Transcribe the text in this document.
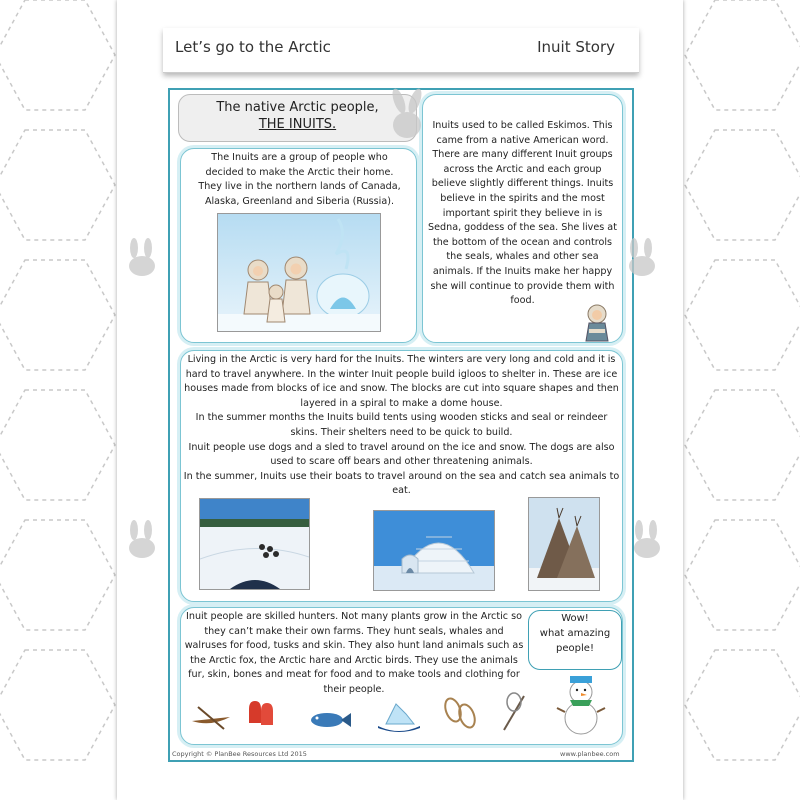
Let’s go to the Arctic	Inuit Story
The native Arctic people,
THE INUITS.
The Inuits are a group of people who decided to make the Arctic their home. They live in the northern lands of Canada, Alaska, Greenland and Siberia (Russia).
Inuits used to be called Eskimos. This came from a native American word. There are many different Inuit groups across the Arctic and each group believe slightly different things. Inuits believe in the spirits and the most important spirit they believe in is Sedna, goddess of the sea. She lives at the bottom of the ocean and controls the seals, whales and other sea animals. If the Inuits make her happy she will continue to provide them with food.
Living in the Arctic is very hard for the Inuits. The winters are very long and cold and it is hard to travel anywhere. In the winter Inuit people build igloos to shelter in. These are ice houses made from blocks of ice and snow. The blocks are cut into square shapes and then layered in a spiral to make a dome house.
In the summer months the Inuits build tents using wooden sticks and seal or reindeer skins. Their shelters need to be quick to build.
Inuit people use dogs and a sled to travel around on the ice and snow. The dogs are also used to scare off bears and other threatening animals.
In the summer, Inuits use their boats to travel around on the sea and catch sea animals to eat.
Inuit people are skilled hunters. Not many plants grow in the Arctic so they can’t make their own farms. They hunt seals, whales and walruses for food, tusks and skin. They also hunt land animals such as the Arctic fox, the Arctic hare and Arctic birds. They use the animals fur, skin, bones and meat for food and to make tools and clothing for their people.
Wow!
what amazing
people!
Copyright © PlanBee Resources Ltd 2015	www.planbee.com
